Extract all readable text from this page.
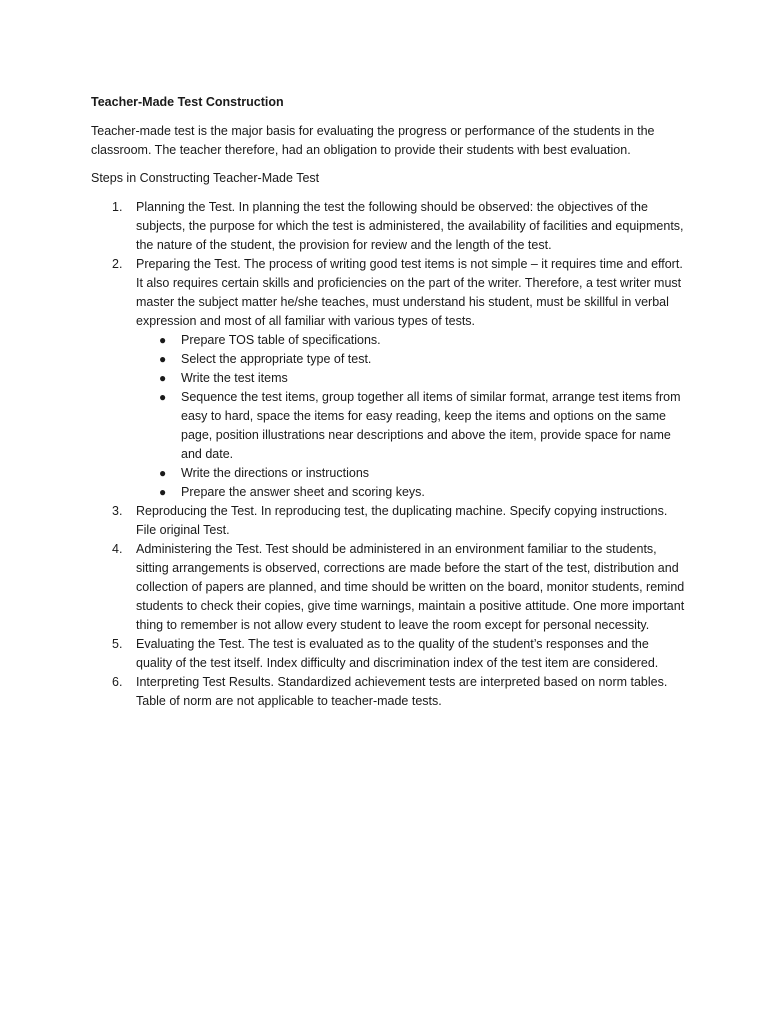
Teacher-Made Test Construction

Teacher-made test is the major basis for evaluating the progress or performance of the students in the classroom. The teacher therefore, had an obligation to provide their students with best evaluation.

Steps in Constructing Teacher-Made Test

1. Planning the Test. In planning the test the following should be observed: the objectives of the subjects, the purpose for which the test is administered, the availability of facilities and equipments, the nature of the student, the provision for review and the length of the test.
2. Preparing the Test. The process of writing good test items is not simple – it requires time and effort. It also requires certain skills and proficiencies on the part of the writer. Therefore, a test writer must master the subject matter he/she teaches, must understand his student, must be skillful in verbal expression and most of all familiar with various types of tests.
● Prepare TOS table of specifications.
● Select the appropriate type of test.
● Write the test items
● Sequence the test items, group together all items of similar format, arrange test items from easy to hard, space the items for easy reading, keep the items and options on the same page, position illustrations near descriptions and above the item, provide space for name and date.
● Write the directions or instructions
● Prepare the answer sheet and scoring keys.
3. Reproducing the Test. In reproducing test, the duplicating machine. Specify copying instructions. File original Test.
4. Administering the Test. Test should be administered in an environment familiar to the students, sitting arrangements is observed, corrections are made before the start of the test, distribution and collection of papers are planned, and time should be written on the board, monitor students, remind students to check their copies, give time warnings, maintain a positive attitude. One more important thing to remember is not allow every student to leave the room except for personal necessity.
5. Evaluating the Test. The test is evaluated as to the quality of the student’s responses and the quality of the test itself. Index difficulty and discrimination index of the test item are considered.
6. Interpreting Test Results. Standardized achievement tests are interpreted based on norm tables. Table of norm are not applicable to teacher-made tests.
